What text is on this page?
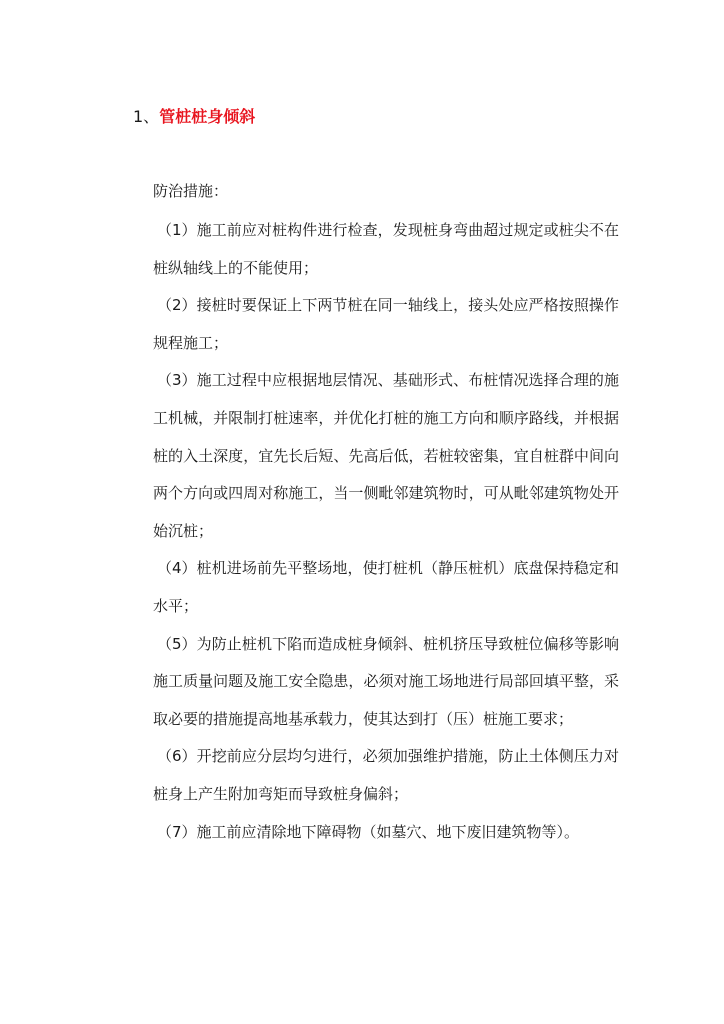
1、管桩桩身倾斜
防治措施：

（1）施工前应对桩构件进行检查，发现桩身弯曲超过规定或桩尖不在桩纵轴线上的不能使用；

（2）接桩时要保证上下两节桩在同一轴线上，接头处应严格按照操作规程施工；

（3）施工过程中应根据地层情况、基础形式、布桩情况选择合理的施工机械，并限制打桩速率，并优化打桩的施工方向和顺序路线，并根据桩的入土深度，宜先长后短、先高后低，若桩较密集，宜自桩群中间向两个方向或四周对称施工，当一侧毗邻建筑物时，可从毗邻建筑物处开始沉桩；

（4）桩机进场前先平整场地，使打桩机（静压桩机）底盘保持稳定和水平；

（5）为防止桩机下陷而造成桩身倾斜、桩机挤压导致桩位偏移等影响施工质量问题及施工安全隐患，必须对施工场地进行局部回填平整，采取必要的措施提高地基承载力，使其达到打（压）桩施工要求；

（6）开挖前应分层均匀进行，必须加强维护措施，防止土体侧压力对桩身上产生附加弯矩而导致桩身偏斜；

（7）施工前应清除地下障碍物（如墓穴、地下废旧建筑物等）。
